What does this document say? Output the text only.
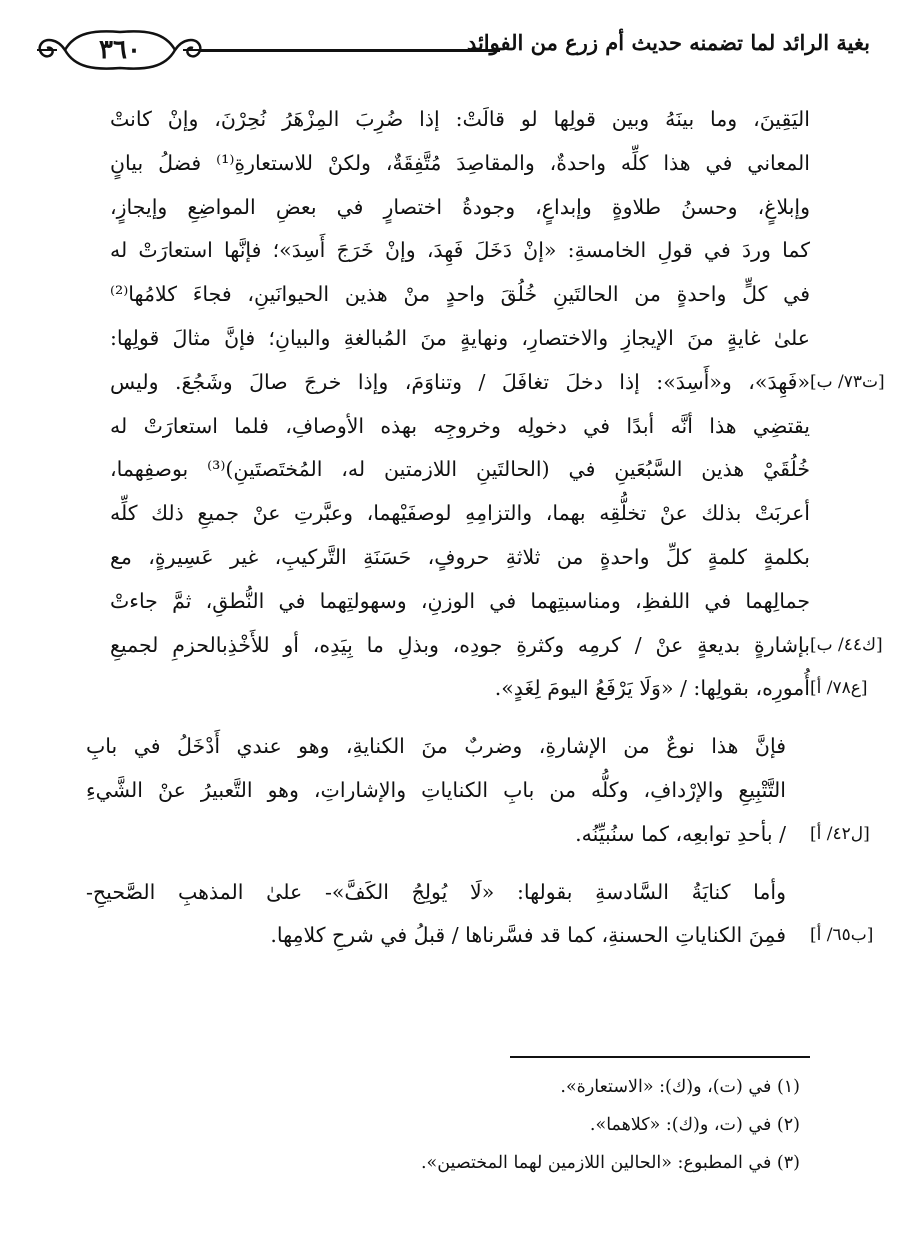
٣٦٠	بغية الرائد لما تضمنه حديث أم زرع من الفوائد
اليَقِينَ، وما بينَهُ وبين قولِها لو قالَتْ: إذا ضُرِبَ المِزْهَرُ نُحِرْنَ، وإنْ كانتْ
المعاني في هذا كلِّه واحدةٌ، والمقاصِدَ مُتَّفِقَةٌ، ولكنْ للاستعارةِ⁽¹⁾ فضلُ بيانٍ
وإبلاغٍ، وحسنُ طلاوةٍ وإبداعٍ، وجودةُ اختصارٍ في بعضِ المواضِعِ وإيجازٍ،
كما وردَ في قولِ الخامسةِ: «إنْ دَخَلَ فَهِدَ، وإنْ خَرَجَ أَسِدَ»؛ فإنَّها استعارَتْ له
في كلٍّ واحدةٍ من الحالتَينِ خُلُقَ واحدٍ منْ هذين الحيوانَينِ، فجاءَ كلامُها⁽²⁾
علىٰ غايةٍ منَ الإيجازِ والاختصارِ، ونهايةٍ منَ المُبالغةِ والبيانِ؛ فإنَّ مثالَ قولِها:
«فَهِدَ»، و«أَسِدَ»: إذا دخلَ تغافَلَ / وتناوَمَ، وإذا خرجَ صالَ وشَجُعَ. وليس [ت٧٣/ ب]
يقتضِي هذا أنَّه أبدًا في دخولِه وخروجِه بهذه الأوصافِ، فلما استعارَتْ له
خُلُقَيْ هذين السَّبُعَينِ في (الحالتَينِ اللازمتين له، المُختَصتَينِ)⁽³⁾ بوصفِهما،
أعربَتْ بذلك عنْ تخلُّقِه بهما، والتزامِهِ لوصفَيْهما، وعبَّرتِ عنْ جميعِ ذلك كلِّه
بكلمةٍ كلمةٍ كلِّ واحدةٍ من ثلاثةِ حروفٍ، حَسَنَةِ التَّركيبِ، غير عَسِيرةٍ، مع
جمالِهما في اللفظِ، ومناسبتِهما في الوزنِ، وسهولتِهما في النُّطقِ، ثمَّ جاءتْ
بإشارةٍ بديعةٍ عنْ / كرمِه وكثرةِ جودِه، وبذلِ ما بِيَدِه، أو للأَخْذِبالحزمِ لجميعِ [ك٤٤/ ب]
أُمورِه، بقولِها: / «وَلَا يَرْفَعُ اليومَ لِغَدٍ». [ع٧٨/ أ]
فإنَّ هذا نوعٌ من الإشارةِ، وضربٌ منَ الكنايةِ، وهو عندي أَدْخَلُ في بابِ
التَّتْبِيعِ والإرْدافِ، وكلُّه من بابِ الكناياتِ والإشاراتِ، وهو التَّعبيرُ عنْ الشَّيءِ
/ بأحدِ توابعِه، كما سنُبيِّنُه. [ل٤٢/ أ]
وأما كنايَةُ السَّادسةِ بقولها: «لَا يُولِجُ الكَفَّ»- علىٰ المذهبِ الصَّحيحِ-
فمِنَ الكناياتِ الحسنةِ، كما قد فسَّرناها / قبلُ في شرحِ كلامِها. [ب٦٥/ أ]
(١) في (ت)، و(ك): «الاستعارة».
(٢) في (ت، و(ك): «كلاهما».
(٣) في المطبوع: «الحالين اللازمين لهما المختصين».
